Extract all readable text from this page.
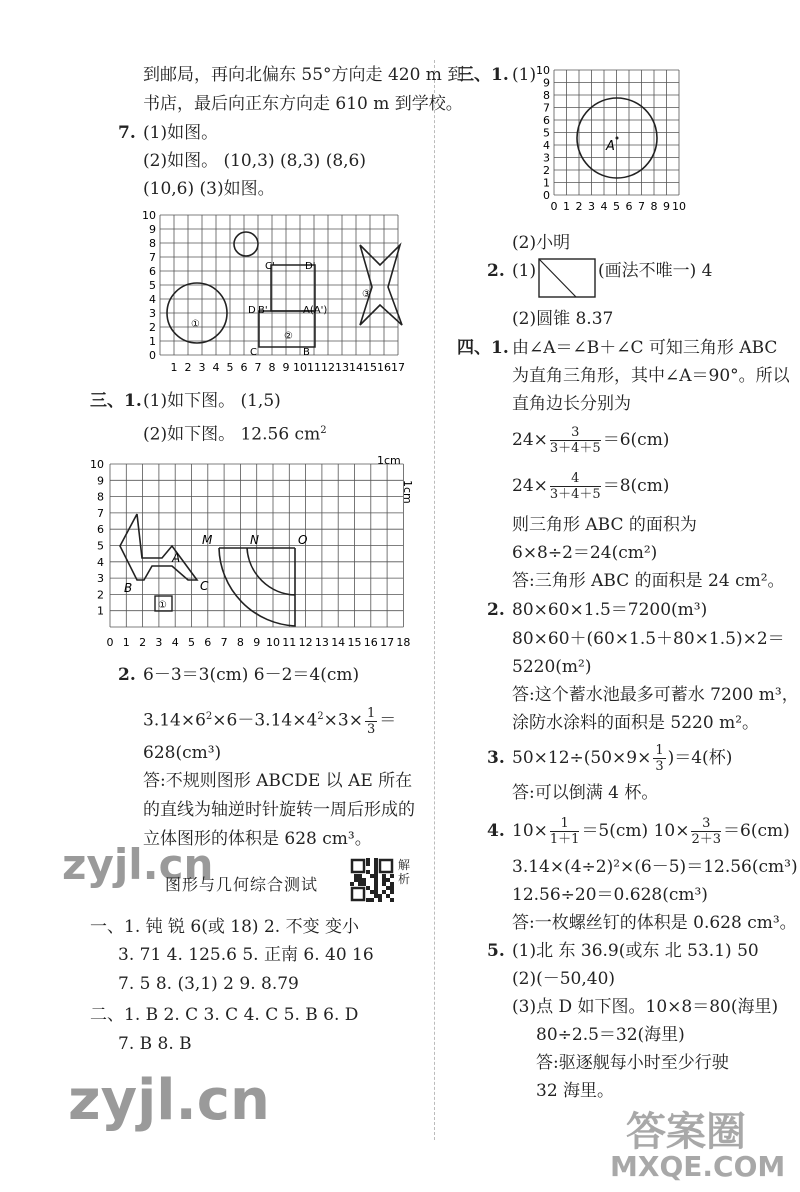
到邮局，再向北偏东 55°方向走 420 m 到
书店，最后向正东方向走 610 m 到学校。
7. (1)如图。
(2)如图。 (10,3) (8,3) (8,6)
(10,6) (3)如图。
1 2 3 4 5 6 7 8 9 10 11 12 13 14 15 16 17
0
1
2
3
4
5
6
7
8
9
10
C'	D'
D B'	A(A')
C	B
①
②
③
三、1. (1)如下图。 (1,5)
(2)如下图。 12.56 $cm^2$
0 1 2 3 4 5 6 7 8 9 10 11 12 13 14 15 16 17 18
1
2
3
4
5
6
7
8
9
10	1cm
1cm
M	N	O
A
B	C
①
2. 6－3＝3(cm) 6－2＝4(cm)
$3.14\times 6^2\times 6-3.14\times 4^2\times 3\times \frac{1}{3}$ ＝
628(cm³)
答:不规则图形 ABCDE 以 AE 所在
的直线为轴逆时针旋转一周后形成的
立体图形的体积是 628 cm³。
zyjl.cn
图形与几何综合测试
解析
一、1. 钝 锐 6(或 18) 2. 不变 变小
3. 71 4. 125.6 5. 正南 6. 40 16
7. 5 8. (3,1) 2 9. 8.79
二、1. B 2. C 3. C 4. C 5. B 6. D
7. B 8. B
zyjl.cn
三、1. (1)
0 1 2 3 4 5 6 7 8 9 10
0
1
2
3
4
5
6
7
8
9
10
A
(2)小明
2. (1)	(画法不唯一) 4
(2)圆锥 8.37
四、1. 由∠A＝∠B＋∠C 可知三角形 ABC
为直角三角形，其中∠A＝90°。所以
直角边长分别为
$24\times \frac{3}{3+4+5} =6(cm)$
$24\times \frac{4}{3+4+5} =8(cm)$
则三角形 ABC 的面积为
6×8÷2＝24(cm²)
答:三角形 ABC 的面积是 24 cm²。
2. 80×60×1.5＝7200(m³)
80×60＋(60×1.5＋80×1.5)×2＝
5220(m²)
答:这个蓄水池最多可蓄水 7200 m³，
涂防水涂料的面积是 5220 m²。
3. $50\times 12\div(50\times 9\times \frac{1}{3} )=4$(杯)
答:可以倒满 4 杯。
4. $10\times \frac{1}{1+1} =5(cm)$ $10\times \frac{3}{2+3} =6(cm)$
3.14×(4÷2)²×(6－5)＝12.56(cm³)
12.56÷20＝0.628(cm³)
答:一枚螺丝钉的体积是 0.628 cm³。
5. (1)北 东 36.9(或东 北 53.1) 50
(2)(－50,40)
(3)点 D 如下图。10×8＝80(海里)
80÷2.5＝32(海里)
答:驱逐舰每小时至少行驶
32 海里。
答案圈
MXQE.COM
